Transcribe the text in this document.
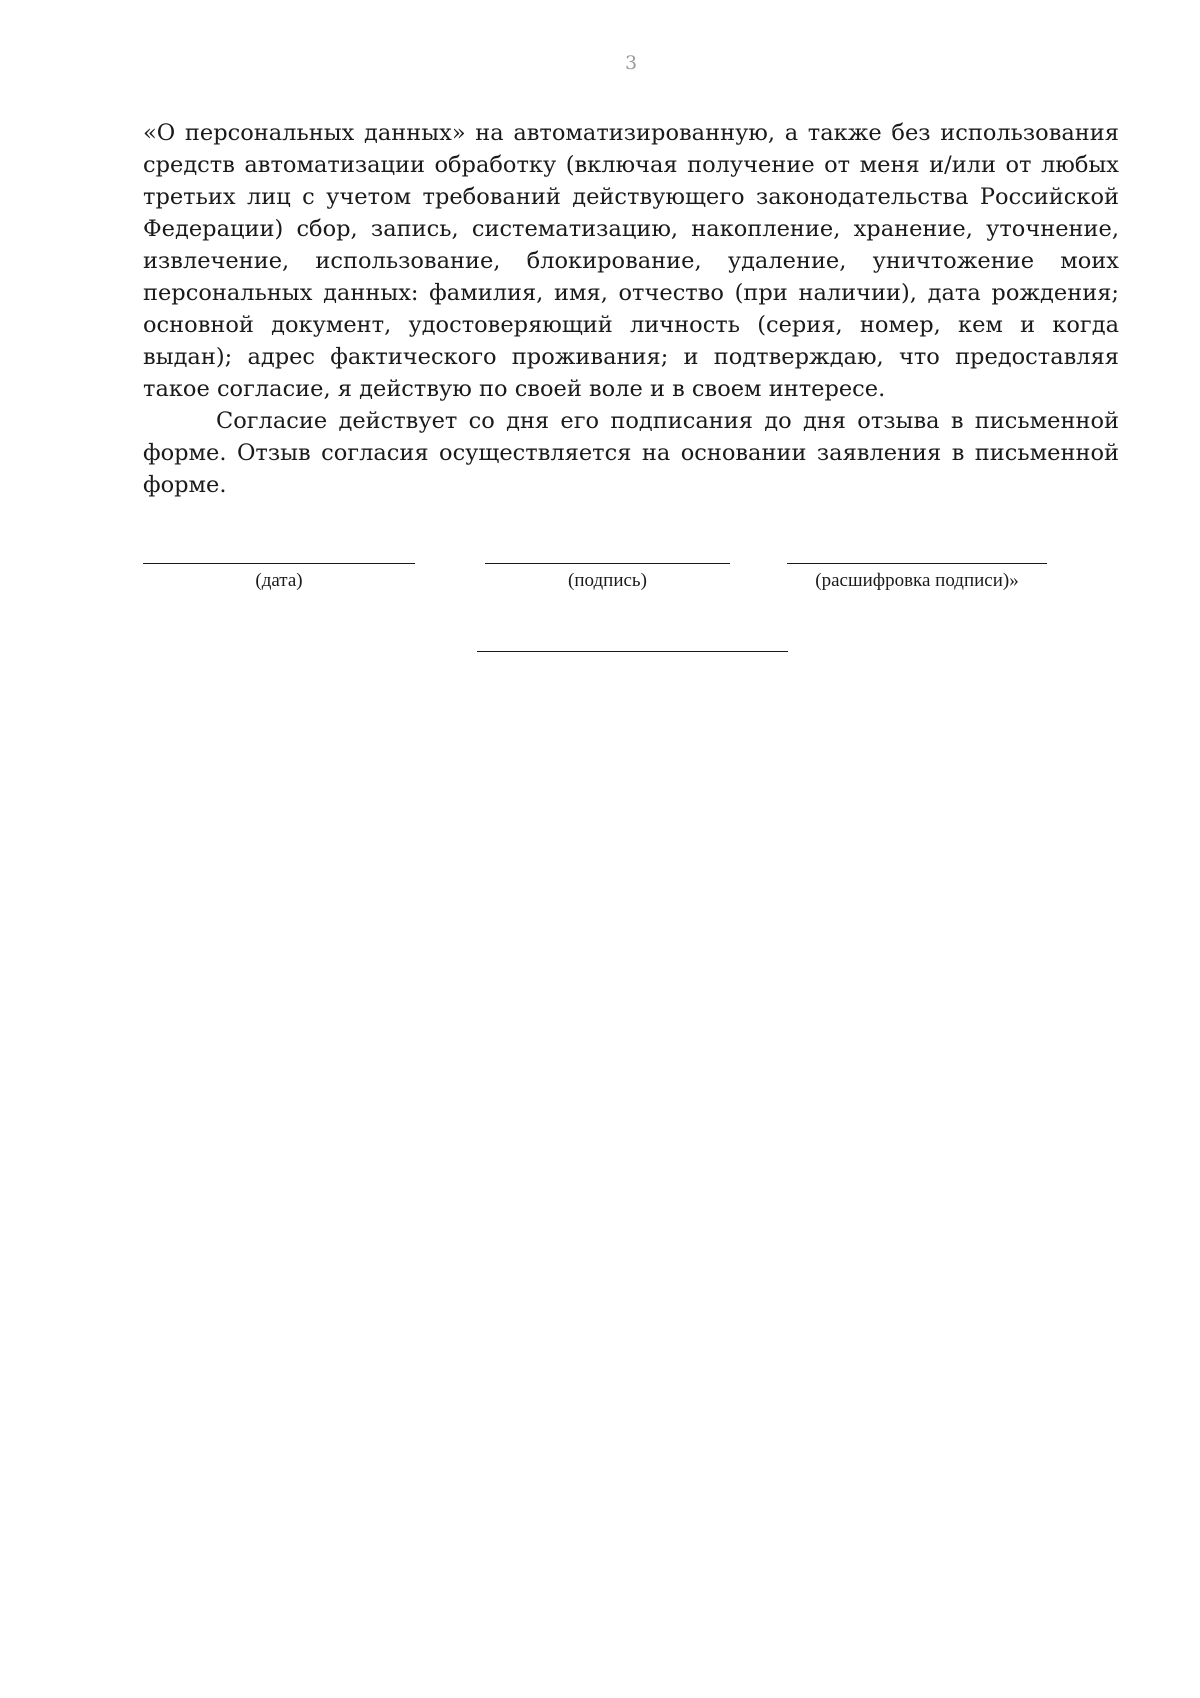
3

«О персональных данных» на автоматизированную, а также без использования средств автоматизации обработку (включая получение от меня и/или от любых третьих лиц с учетом требований действующего законодательства Российской Федерации) сбор, запись, систематизацию, накопление, хранение, уточнение, извлечение, использование, блокирование, удаление, уничтожение моих персональных данных: фамилия, имя, отчество (при наличии), дата рождения; основной документ, удостоверяющий личность (серия, номер, кем и когда выдан); адрес фактического проживания; и подтверждаю, что предоставляя такое согласие, я действую по своей воле и в своем интересе.

Согласие действует со дня его подписания до дня отзыва в письменной форме. Отзыв согласия осуществляется на основании заявления в письменной форме.

(дата)	(подпись)	(расшифровка подписи)»
